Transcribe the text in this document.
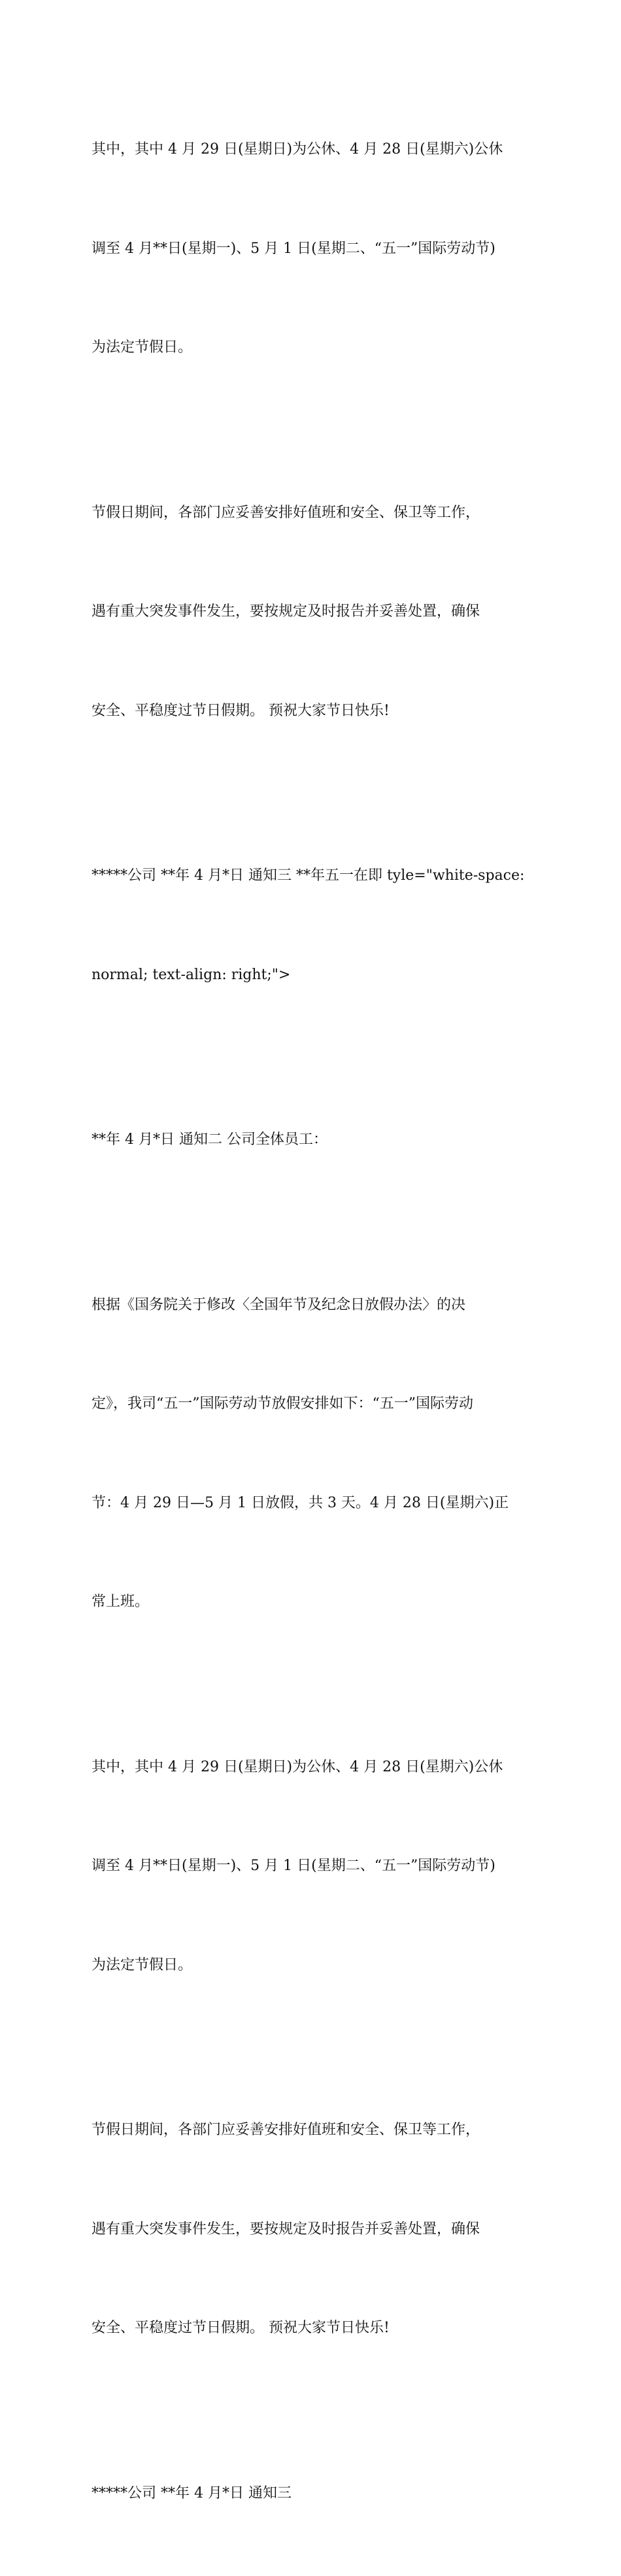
其中，其中 4 月 29 日(星期日)为公休、4 月 28 日(星期六)公休

调至 4 月**日(星期一)、5 月 1 日(星期二、“五一”国际劳动节)

为法定节假日。

节假日期间，各部门应妥善安排好值班和安全、保卫等工作，

遇有重大突发事件发生，要按规定及时报告并妥善处置，确保

安全、平稳度过节日假期。 预祝大家节日快乐!

*****公司 **年 4 月*日 通知三 **年五一在即 tyle="white-space:

normal; text-align: right;">

**年 4 月*日 通知二 公司全体员工：

根据《国务院关于修改〈全国年节及纪念日放假办法〉的决

定》，我司“五一”国际劳动节放假安排如下：“五一”国际劳动

节：4 月 29 日—5 月 1 日放假，共 3 天。4 月 28 日(星期六)正

常上班。

其中，其中 4 月 29 日(星期日)为公休、4 月 28 日(星期六)公休

调至 4 月**日(星期一)、5 月 1 日(星期二、“五一”国际劳动节)

为法定节假日。

节假日期间，各部门应妥善安排好值班和安全、保卫等工作，

遇有重大突发事件发生，要按规定及时报告并妥善处置，确保

安全、平稳度过节日假期。 预祝大家节日快乐!

*****公司 **年 4 月*日 通知三
